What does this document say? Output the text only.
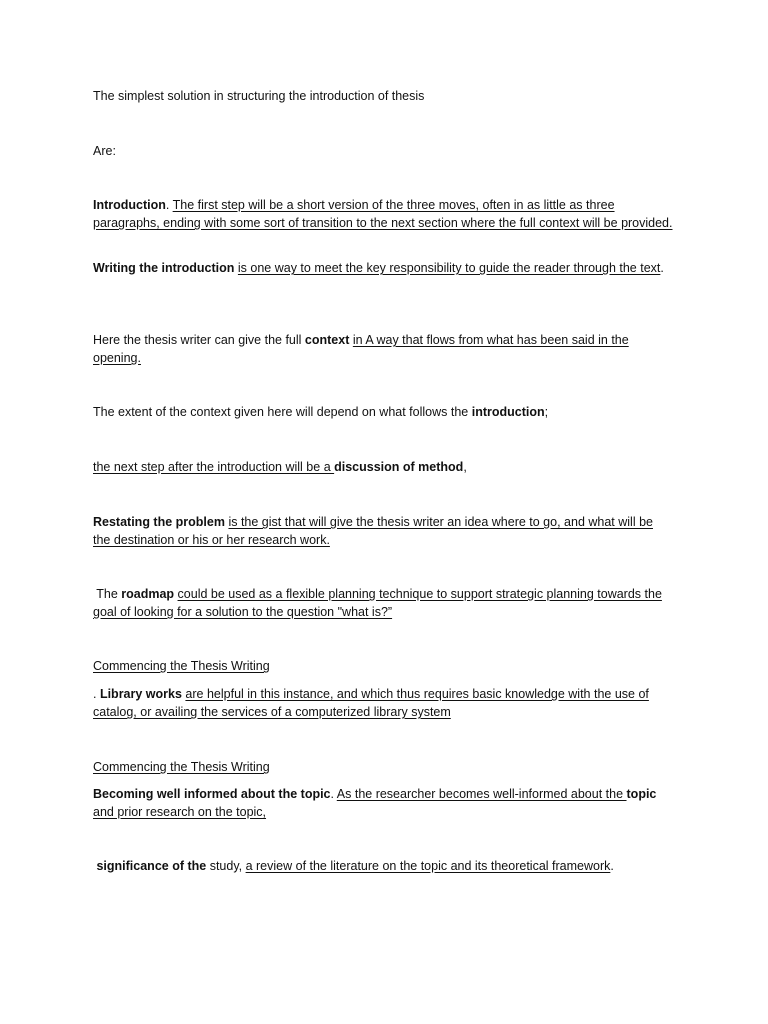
The simplest solution in structuring the introduction of thesis

Are:

Introduction. The first step will be a short version of the three moves, often in as little as three paragraphs, ending with some sort of transition to the next section where the full context will be provided.

Writing the introduction is one way to meet the key responsibility to guide the reader through the text.

Here the thesis writer can give the full context in A way that flows from what has been said in the opening.

The extent of the context given here will depend on what follows the introduction;

the next step after the introduction will be a discussion of method,

Restating the problem is the gist that will give the thesis writer an idea where to go, and what will be the destination or his or her research work.

The roadmap could be used as a flexible planning technique to support strategic planning towards the goal of looking for a solution to the question "what is?”

Commencing the Thesis Writing

. Library works are helpful in this instance, and which thus requires basic knowledge with the use of catalog, or availing the services of a computerized library system

Commencing the Thesis Writing

Becoming well informed about the topic. As the researcher becomes well-informed about the topic and prior research on the topic,

significance of the study, a review of the literature on the topic and its theoretical framework.
